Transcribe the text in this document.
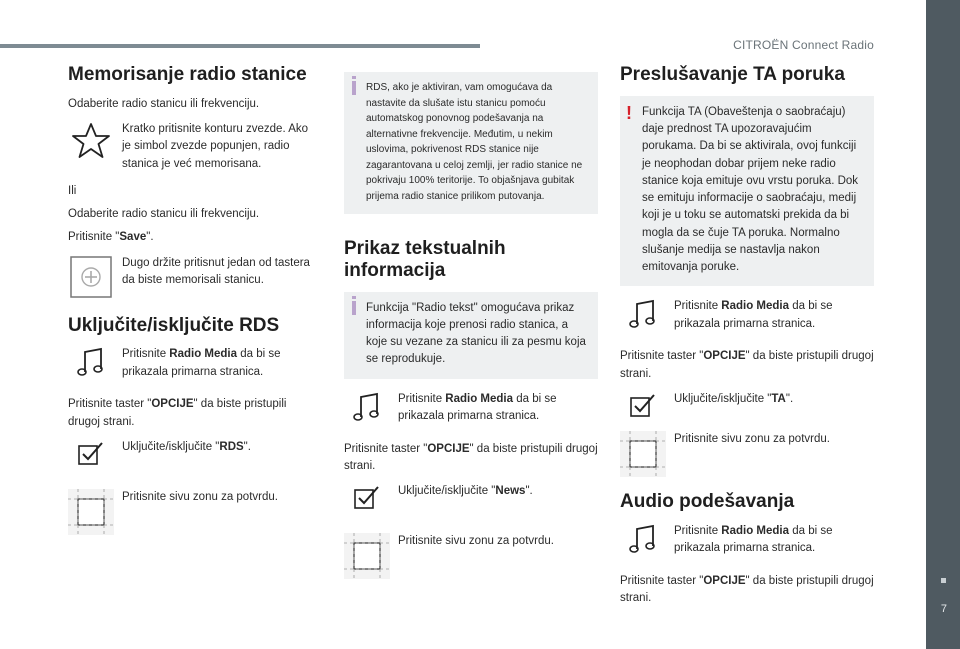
CITROËN Connect Radio
7
Memorisanje radio stanice

Odaberite radio stanicu ili frekvenciju.

Kratko pritisnite konturu zvezde. Ako je simbol zvezde popunjen, radio stanica je već memorisana.

Ili

Odaberite radio stanicu ili frekvenciju.

Pritisnite "Save".

Dugo držite pritisnut jedan od tastera da biste memorisali stanicu.
Uključite/isključite RDS
Pritisnite Radio Media da bi se prikazala primarna stranica.

Pritisnite taster "OPCIJE" da biste pristupili drugoj strani.

Uključite/isključite "RDS".
Pritisnite sivu zonu za potvrdu.
RDS, ako je aktiviran, vam omogućava da nastavite da slušate istu stanicu pomoću automatskog ponovnog podešavanja na alternativne frekvencije. Međutim, u nekim uslovima, pokrivenost RDS stanice nije zagarantovana u celoj zemlji, jer radio stanice ne pokrivaju 100% teritorije. To objašnjava gubitak prijema radio stanice prilikom putovanja.
Prikaz tekstualnih informacija
Funkcija "Radio tekst" omogućava prikaz informacija koje prenosi radio stanica, a koje su vezane za stanicu ili za pesmu koja se reprodukuje.
Pritisnite Radio Media da bi se prikazala primarna stranica.

Pritisnite taster "OPCIJE" da biste pristupili drugoj strani.

Uključite/isključite "News".
Pritisnite sivu zonu za potvrdu.
Preslušavanje TA poruka
! Funkcija TA (Obaveštenja o saobraćaju) daje prednost TA upozoravajućim porukama. Da bi se aktivirala, ovoj funkciji je neophodan dobar prijem neke radio stanice koja emituje ovu vrstu poruka. Dok se emituju informacije o saobraćaju, medij koji je u toku se automatski prekida da bi mogla da se čuje TA poruka. Normalno slušanje medija se nastavlja nakon emitovanja poruke.
Pritisnite Radio Media da bi se prikazala primarna stranica.

Pritisnite taster "OPCIJE" da biste pristupili drugoj strani.

Uključite/isključite "TA".
Pritisnite sivu zonu za potvrdu.
Audio podešavanja
Pritisnite Radio Media da bi se prikazala primarna stranica.

Pritisnite taster "OPCIJE" da biste pristupili drugoj strani.
